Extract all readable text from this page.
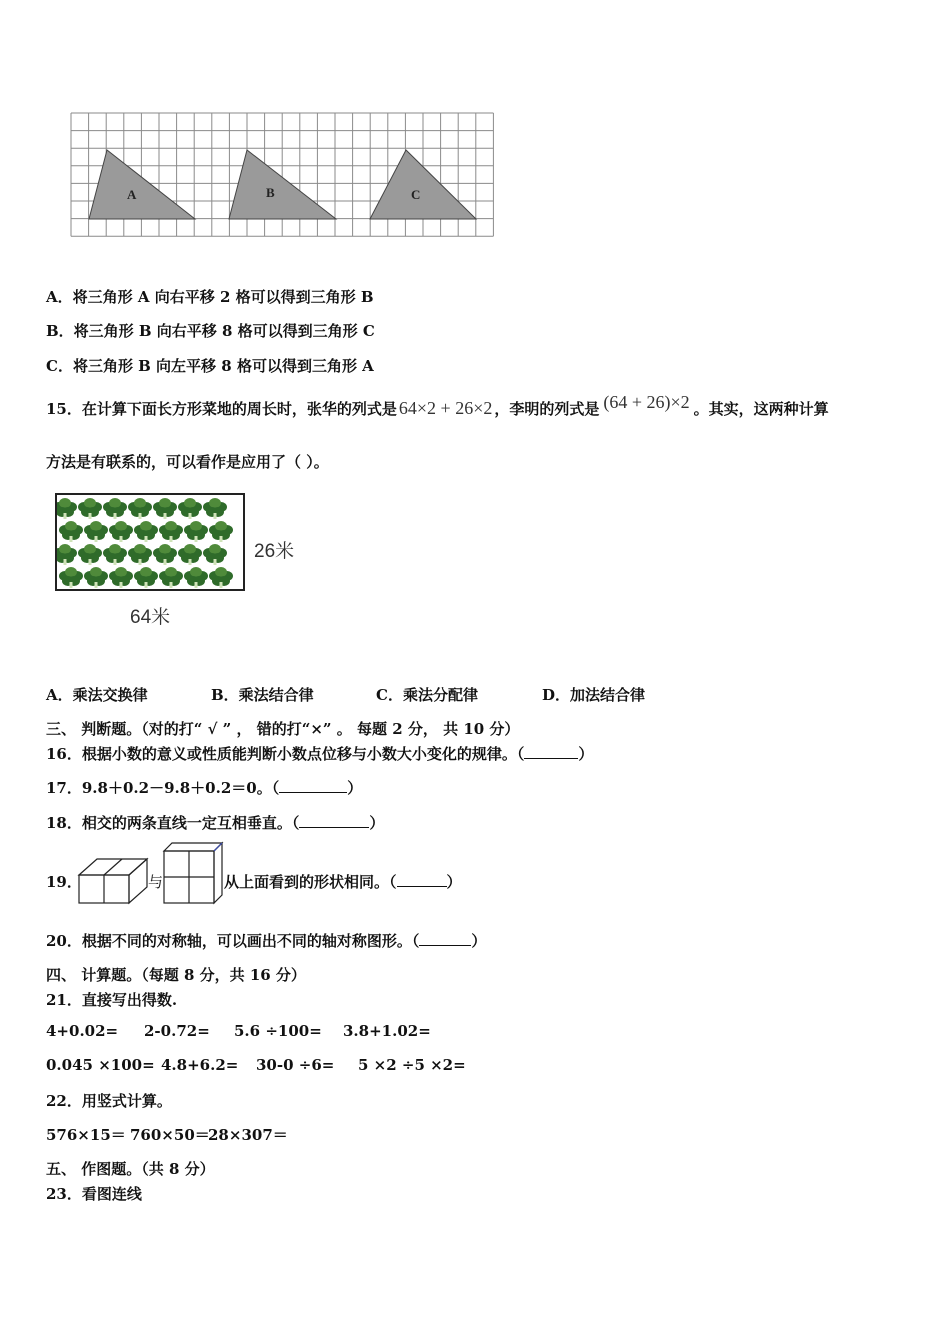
A	B	C
A．将三角形 A 向右平移 2 格可以得到三角形 B
B．将三角形 B 向右平移 8 格可以得到三角形 C
C．将三角形 B 向左平移 8 格可以得到三角形 A
15．在计算下面长方形菜地的周长时，张华的列式是 64×2 + 26×2 ，李明的列式是 (64 + 26)×2 。其实，这两种计算
方法是有联系的，可以看作是应用了（ ）。
26米
64米
A．乘法交换律	B．乘法结合律	C．乘法分配律	D．加法结合律
三、 判断题。（对的打“ √ ” ， 错的打“×” 。 每题 2 分， 共 10 分）
16．根据小数的意义或性质能判断小数点位移与小数大小变化的规律。（	）
17．9.8＋0.2－9.8＋0.2＝0。（	）
18．相交的两条直线一定互相垂直。（	）
19．	与	从上面看到的形状相同。（	）
20．根据不同的对称轴，可以画出不同的轴对称图形。（	）
四、 计算题。（每题 8 分，共 16 分）
21．直接写出得数.
4+0.02= 2-0.72= 5.6 ÷100= 3.8+1.02=
0.045 ×100= 4.8+6.2= 30-0 ÷6= 5 ×2 ÷5 ×2=
22．用竖式计算。
576×15＝ 760×50＝28×307＝
五、 作图题。（共 8 分）
23．看图连线
